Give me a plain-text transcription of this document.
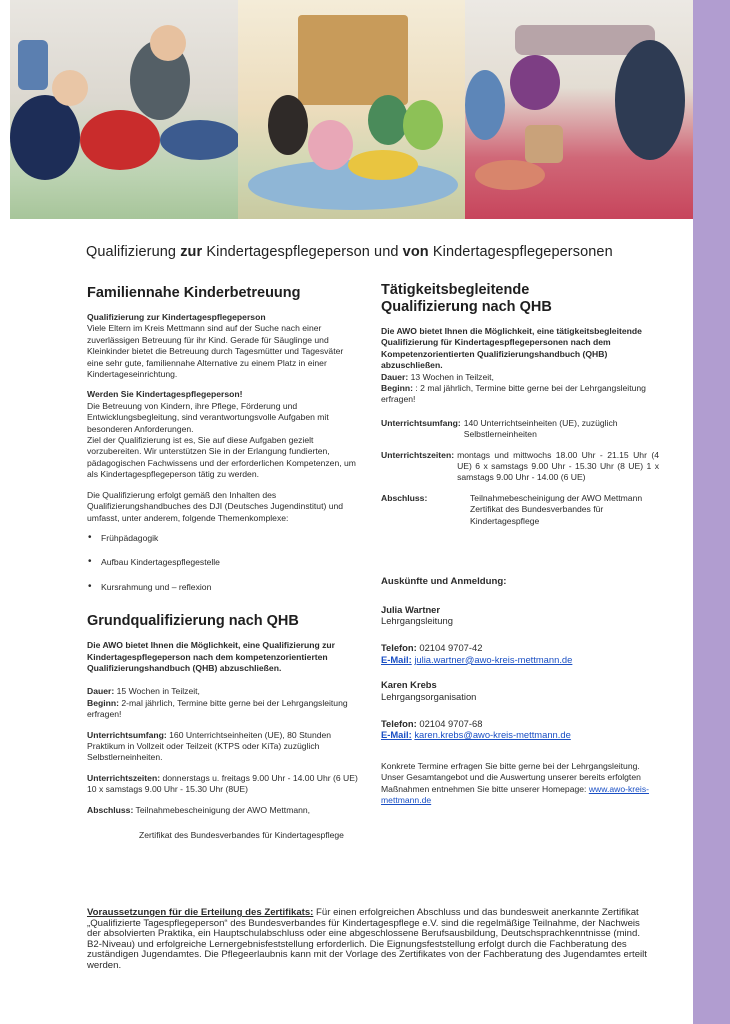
Qualifizierung zur Kindertagespflegeperson und von Kindertagespflegepersonen
Familiennahe Kinderbetreuung
Qualifizierung zur Kindertagespflegeperson

Viele Eltern im Kreis Mettmann sind auf der Suche nach einer zuverlässigen Betreuung für ihr Kind. Gerade für Säuglinge und Kleinkinder bietet die Betreuung durch Tagesmütter und Tagesväter eine sehr gute, familiennahe Alternative zu einem Platz in einer Kindertageseinrichtung.

Werden Sie Kindertagespflegeperson!
Die Betreuung von Kindern, ihre Pflege, Förderung und Entwicklungsbegleitung, sind verantwortungsvolle Aufgaben mit besonderen Anforderungen.

Ziel der Qualifizierung ist es, Sie auf diese Aufgaben gezielt vorzubereiten. Wir unterstützen Sie in der Erlangung fundierten, pädagogischen Fachwissens und der erforderlichen Kompetenzen, um als Kindertagespflegeperson tätig zu werden.

Die Qualifizierung erfolgt gemäß den Inhalten des Qualifizierungshandbuches des DJI (Deutsches Jugendinstitut) und umfasst, unter anderem, folgende Themenkomplexe:

• Frühpädagogik
• Aufbau Kindertagespflegestelle
• Kursrahmung und – reflexion
Grundqualifizierung nach QHB

Die AWO bietet Ihnen die Möglichkeit, eine Qualifizierung zur Kindertagespflegeperson nach dem kompetenzorientierten Qualifizierungshandbuch (QHB) abzuschließen.

Dauer: 15 Wochen in Teilzeit,

Beginn: 2-mal jährlich, Termine bitte gerne bei der Lehrgangsleitung erfragen!

Unterrichtsumfang: 160 Unterrichtseinheiten (UE), 80 Stunden Praktikum in Vollzeit oder Teilzeit (KTPS oder KiTa) zuzüglich Selbstlerneinheiten.

Unterrichtszeiten: donnerstags u. freitags 9.00 Uhr - 14.00 Uhr (6 UE) 10 x samstags 9.00 Uhr - 15.30 Uhr (8UE)

Abschluss: Teilnahmebescheinigung der AWO Mettmann,

Zertifikat des Bundesverbandes für Kindertagespflege

Tätigkeitsbegleitende Qualifizierung nach QHB
Die AWO bietet Ihnen die Möglichkeit, eine tätigkeitsbegleitende Qualifizierung für Kindertagespflegepersonen nach dem Kompetenzorientierten Qualifizierungshandbuch (QHB) abzuschließen.
Dauer: 13 Wochen in Teilzeit,

Beginn: : 2 mal jährlich, Termine bitte gerne bei der Lehrgangsleitung erfragen!

Unterrichtsumfang: 140 Unterrichtseinheiten (UE), zuzüglich Selbstlerneinheiten
Unterrichtszeiten: montags und mittwochs 18.00 Uhr - 21.15 Uhr (4 UE) 6 x samstags 9.00 Uhr - 15.30 Uhr (8 UE) 1 x samstags 9.00 Uhr - 14.00 (6 UE)
Abschluss:	Teilnahmebescheinigung der AWO Mettmann Zertifikat des Bundesverbandes für Kindertagespflege
Auskünfte und Anmeldung:
Julia Wartner
Lehrgangsleitung
Telefon: 02104 9707-42
E-Mail: julia.wartner@awo-kreis-mettmann.de
Karen Krebs
Lehrgangsorganisation
Telefon: 02104 9707-68
E-Mail: karen.krebs@awo-kreis-mettmann.de
Konkrete Termine erfragen Sie bitte gerne bei der Lehrgangsleitung. Unser Gesamtangebot und die Auswertung unserer bereits erfolgten Maßnahmen entnehmen Sie bitte unserer Homepage: www.awo-kreis-mettmann.de
Voraussetzungen für die Erteilung des Zertifikats: Für einen erfolgreichen Abschluss und das bundesweit anerkannte Zertifikat „Qualifizierte Tagespflegeperson“ des Bundesverbandes für Kindertagespflege e.V. sind die regelmäßige Teilnahme, der Nachweis der absolvierten Praktika, ein Hauptschulabschluss oder eine abgeschlossene Berufsausbildung, Deutschsprachkenntnisse (mind. B2-Niveau) und erfolgreiche Lernergebnisfeststellung erforderlich. Die Eignungsfeststellung erfolgt durch die Fachberatung des zuständigen Jugendamtes. Die Pflegeerlaubnis kann mit der Vorlage des Zertifikates von der Fachberatung des Jugendamtes erteilt werden.
